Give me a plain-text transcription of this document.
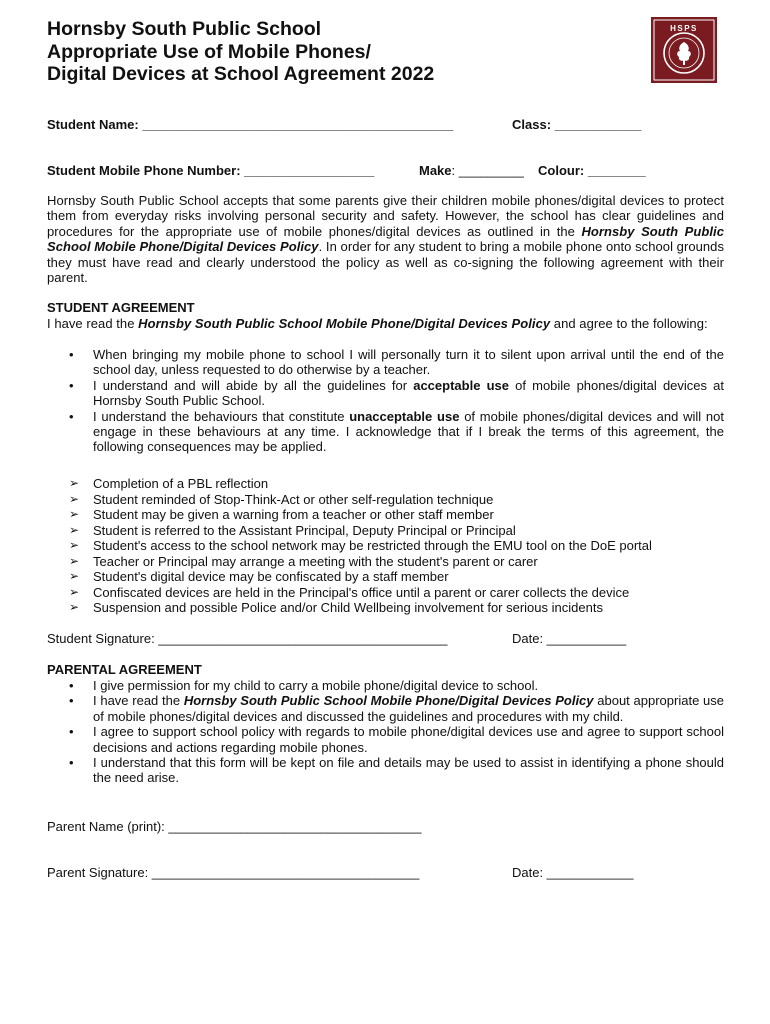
Hornsby South Public School
Appropriate Use of Mobile Phones/
Digital Devices at School Agreement 2022
HSPS
Student Name: ___________________________________________	Class: ____________
Student Mobile Phone Number: __________________	Make: _________ Colour: ________
Hornsby South Public School accepts that some parents give their children mobile phones/digital devices to protect them from everyday risks involving personal security and safety. However, the school has clear guidelines and procedures for the appropriate use of mobile phones/digital devices as outlined in the Hornsby South Public School Mobile Phone/Digital Devices Policy. In order for any student to bring a mobile phone onto school grounds they must have read and clearly understood the policy as well as co-signing the following agreement with their parent.
STUDENT AGREEMENT
I have read the Hornsby South Public School Mobile Phone/Digital Devices Policy and agree to the following:
• When bringing my mobile phone to school I will personally turn it to silent upon arrival until the end of the school day, unless requested to do otherwise by a teacher.
• I understand and will abide by all the guidelines for acceptable use of mobile phones/digital devices at Hornsby South Public School.
• I understand the behaviours that constitute unacceptable use of mobile phones/digital devices and will not engage in these behaviours at any time. I acknowledge that if I break the terms of this agreement, the following consequences may be applied.
➢ Completion of a PBL reflection
➢ Student reminded of Stop-Think-Act or other self-regulation technique
➢ Student may be given a warning from a teacher or other staff member
➢ Student is referred to the Assistant Principal, Deputy Principal or Principal
➢ Student's access to the school network may be restricted through the EMU tool on the DoE portal
➢ Teacher or Principal may arrange a meeting with the student's parent or carer
➢ Student's digital device may be confiscated by a staff member
➢ Confiscated devices are held in the Principal's office until a parent or carer collects the device
➢ Suspension and possible Police and/or Child Wellbeing involvement for serious incidents
Student Signature: ________________________________________	Date: ___________
PARENTAL AGREEMENT
• I give permission for my child to carry a mobile phone/digital device to school.
• I have read the Hornsby South Public School Mobile Phone/Digital Devices Policy about appropriate use of mobile phones/digital devices and discussed the guidelines and procedures with my child.
• I agree to support school policy with regards to mobile phone/digital devices use and agree to support school decisions and actions regarding mobile phones.
• I understand that this form will be kept on file and details may be used to assist in identifying a phone should the need arise.
Parent Name (print): ___________________________________
Parent Signature: _____________________________________	Date: ____________
